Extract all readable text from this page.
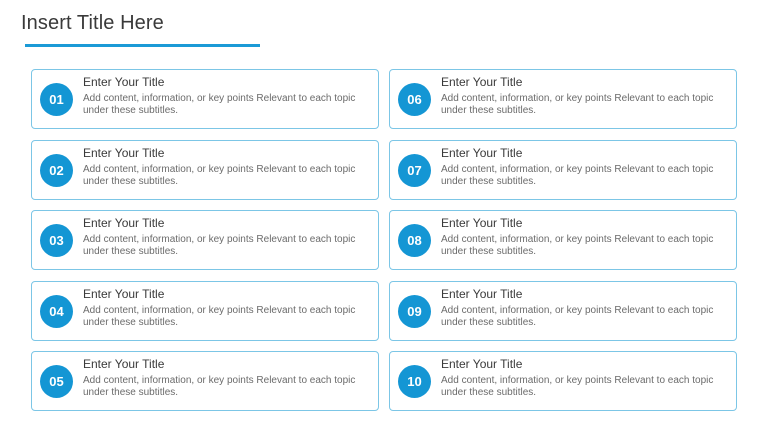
Insert Title Here
01
Enter Your Title
Add content, information, or key points Relevant to each topic under these subtitles.
02
Enter Your Title
Add content, information, or key points Relevant to each topic under these subtitles.
03
Enter Your Title
Add content, information, or key points Relevant to each topic under these subtitles.
04
Enter Your Title
Add content, information, or key points Relevant to each topic under these subtitles.
05
Enter Your Title
Add content, information, or key points Relevant to each topic under these subtitles.
06
Enter Your Title
Add content, information, or key points Relevant to each topic under these subtitles.
07
Enter Your Title
Add content, information, or key points Relevant to each topic under these subtitles.
08
Enter Your Title
Add content, information, or key points Relevant to each topic under these subtitles.
09
Enter Your Title
Add content, information, or key points Relevant to each topic under these subtitles.
10
Enter Your Title
Add content, information, or key points Relevant to each topic under these subtitles.
